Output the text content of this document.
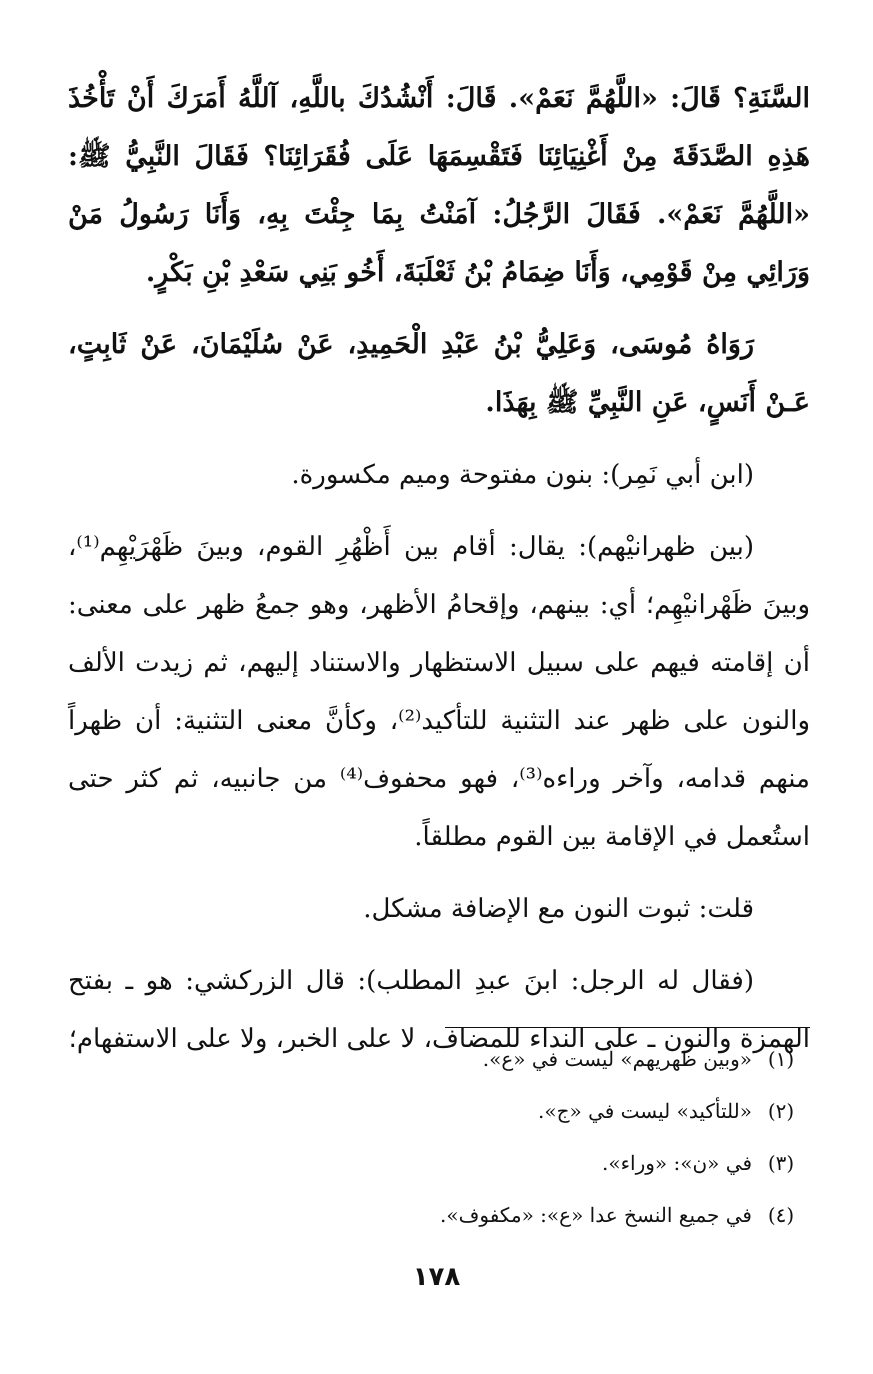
السَّنَةِ؟ قَالَ: «اللَّهُمَّ نَعَمْ». قَالَ: أَنْشُدُكَ باللَّهِ، آللَّهُ أَمَرَكَ أَنْ تَأْخُذَ هَذِهِ الصَّدَقَةَ مِنْ أَغْنِيَائِنَا فَتَقْسِمَهَا عَلَى فُقَرَائِنَا؟ فَقَالَ النَّبِيُّ ﷺ: «اللَّهُمَّ نَعَمْ». فَقَالَ الرَّجُلُ: آمَنْتُ بِمَا جِئْتَ بِهِ، وَأَنَا رَسُولُ مَنْ وَرَائِي مِنْ قَوْمِي، وَأَنَا ضِمَامُ بْنُ ثَعْلَبَةَ، أَخُو بَنِي سَعْدِ بْنِ بَكْرٍ.

رَوَاهُ مُوسَى، وَعَلِيُّ بْنُ عَبْدِ الْحَمِيدِ، عَنْ سُلَيْمَانَ، عَنْ ثَابِتٍ، عَـنْ أَنَسٍ، عَنِ النَّبِيِّ ﷺ بِهَذَا.

(ابن أبي نَمِر): بنون مفتوحة وميم مكسورة.

(بين ظهرانيْهم): يقال: أقام بين أَظْهُرِ القوم، وبينَ ظَهْرَيْهِم⁽¹⁾، وبينَ ظَهْرانيْهِم؛ أي: بينهم، وإقحامُ الأظهر، وهو جمعُ ظهر على معنى: أن إقامته فيهم على سبيل الاستظهار والاستناد إليهم، ثم زيدت الألف والنون على ظهر عند التثنية للتأكيد⁽²⁾، وكأنَّ معنى التثنية: أن ظهراً منهم قدامه، وآخر وراءه⁽³⁾، فهو محفوف⁽⁴⁾ من جانبيه، ثم كثر حتى استُعمل في الإقامة بين القوم مطلقاً.

قلت: ثبوت النون مع الإضافة مشكل.

(فقال له الرجل: ابنَ عبدِ المطلب): قال الزركشي: هو ـ بفتح الهمزة والنون ـ على النداء للمضاف، لا على الخبر، ولا على الاستفهام؛

(١)«وبين ظهريهم» ليست في «ع».
(٢)«للتأكيد» ليست في «ج».
(٣)في «ن»: «وراء».
(٤)في جميع النسخ عدا «ع»: «مكفوف».
١٧٨
